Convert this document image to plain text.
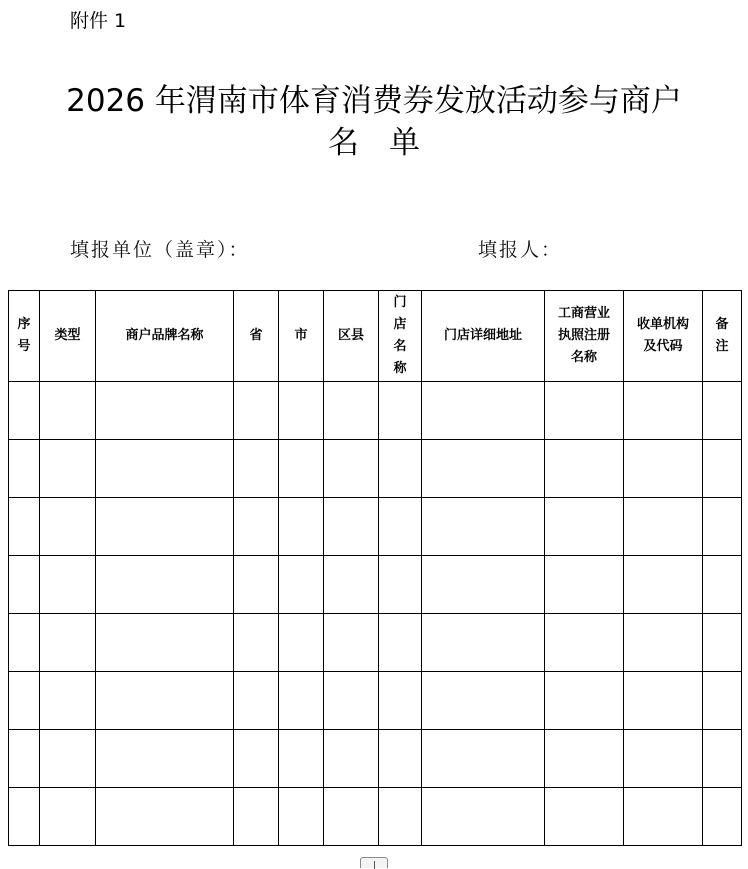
附件 1
2026 年渭南市体育消费券发放活动参与商户
名单
填报单位（盖章）：	填报人：
序号	类型	商户品牌名称	省	市	区县	门店名称	门店详细地址	工商营业执照注册名称	收单机构及代码	备注
